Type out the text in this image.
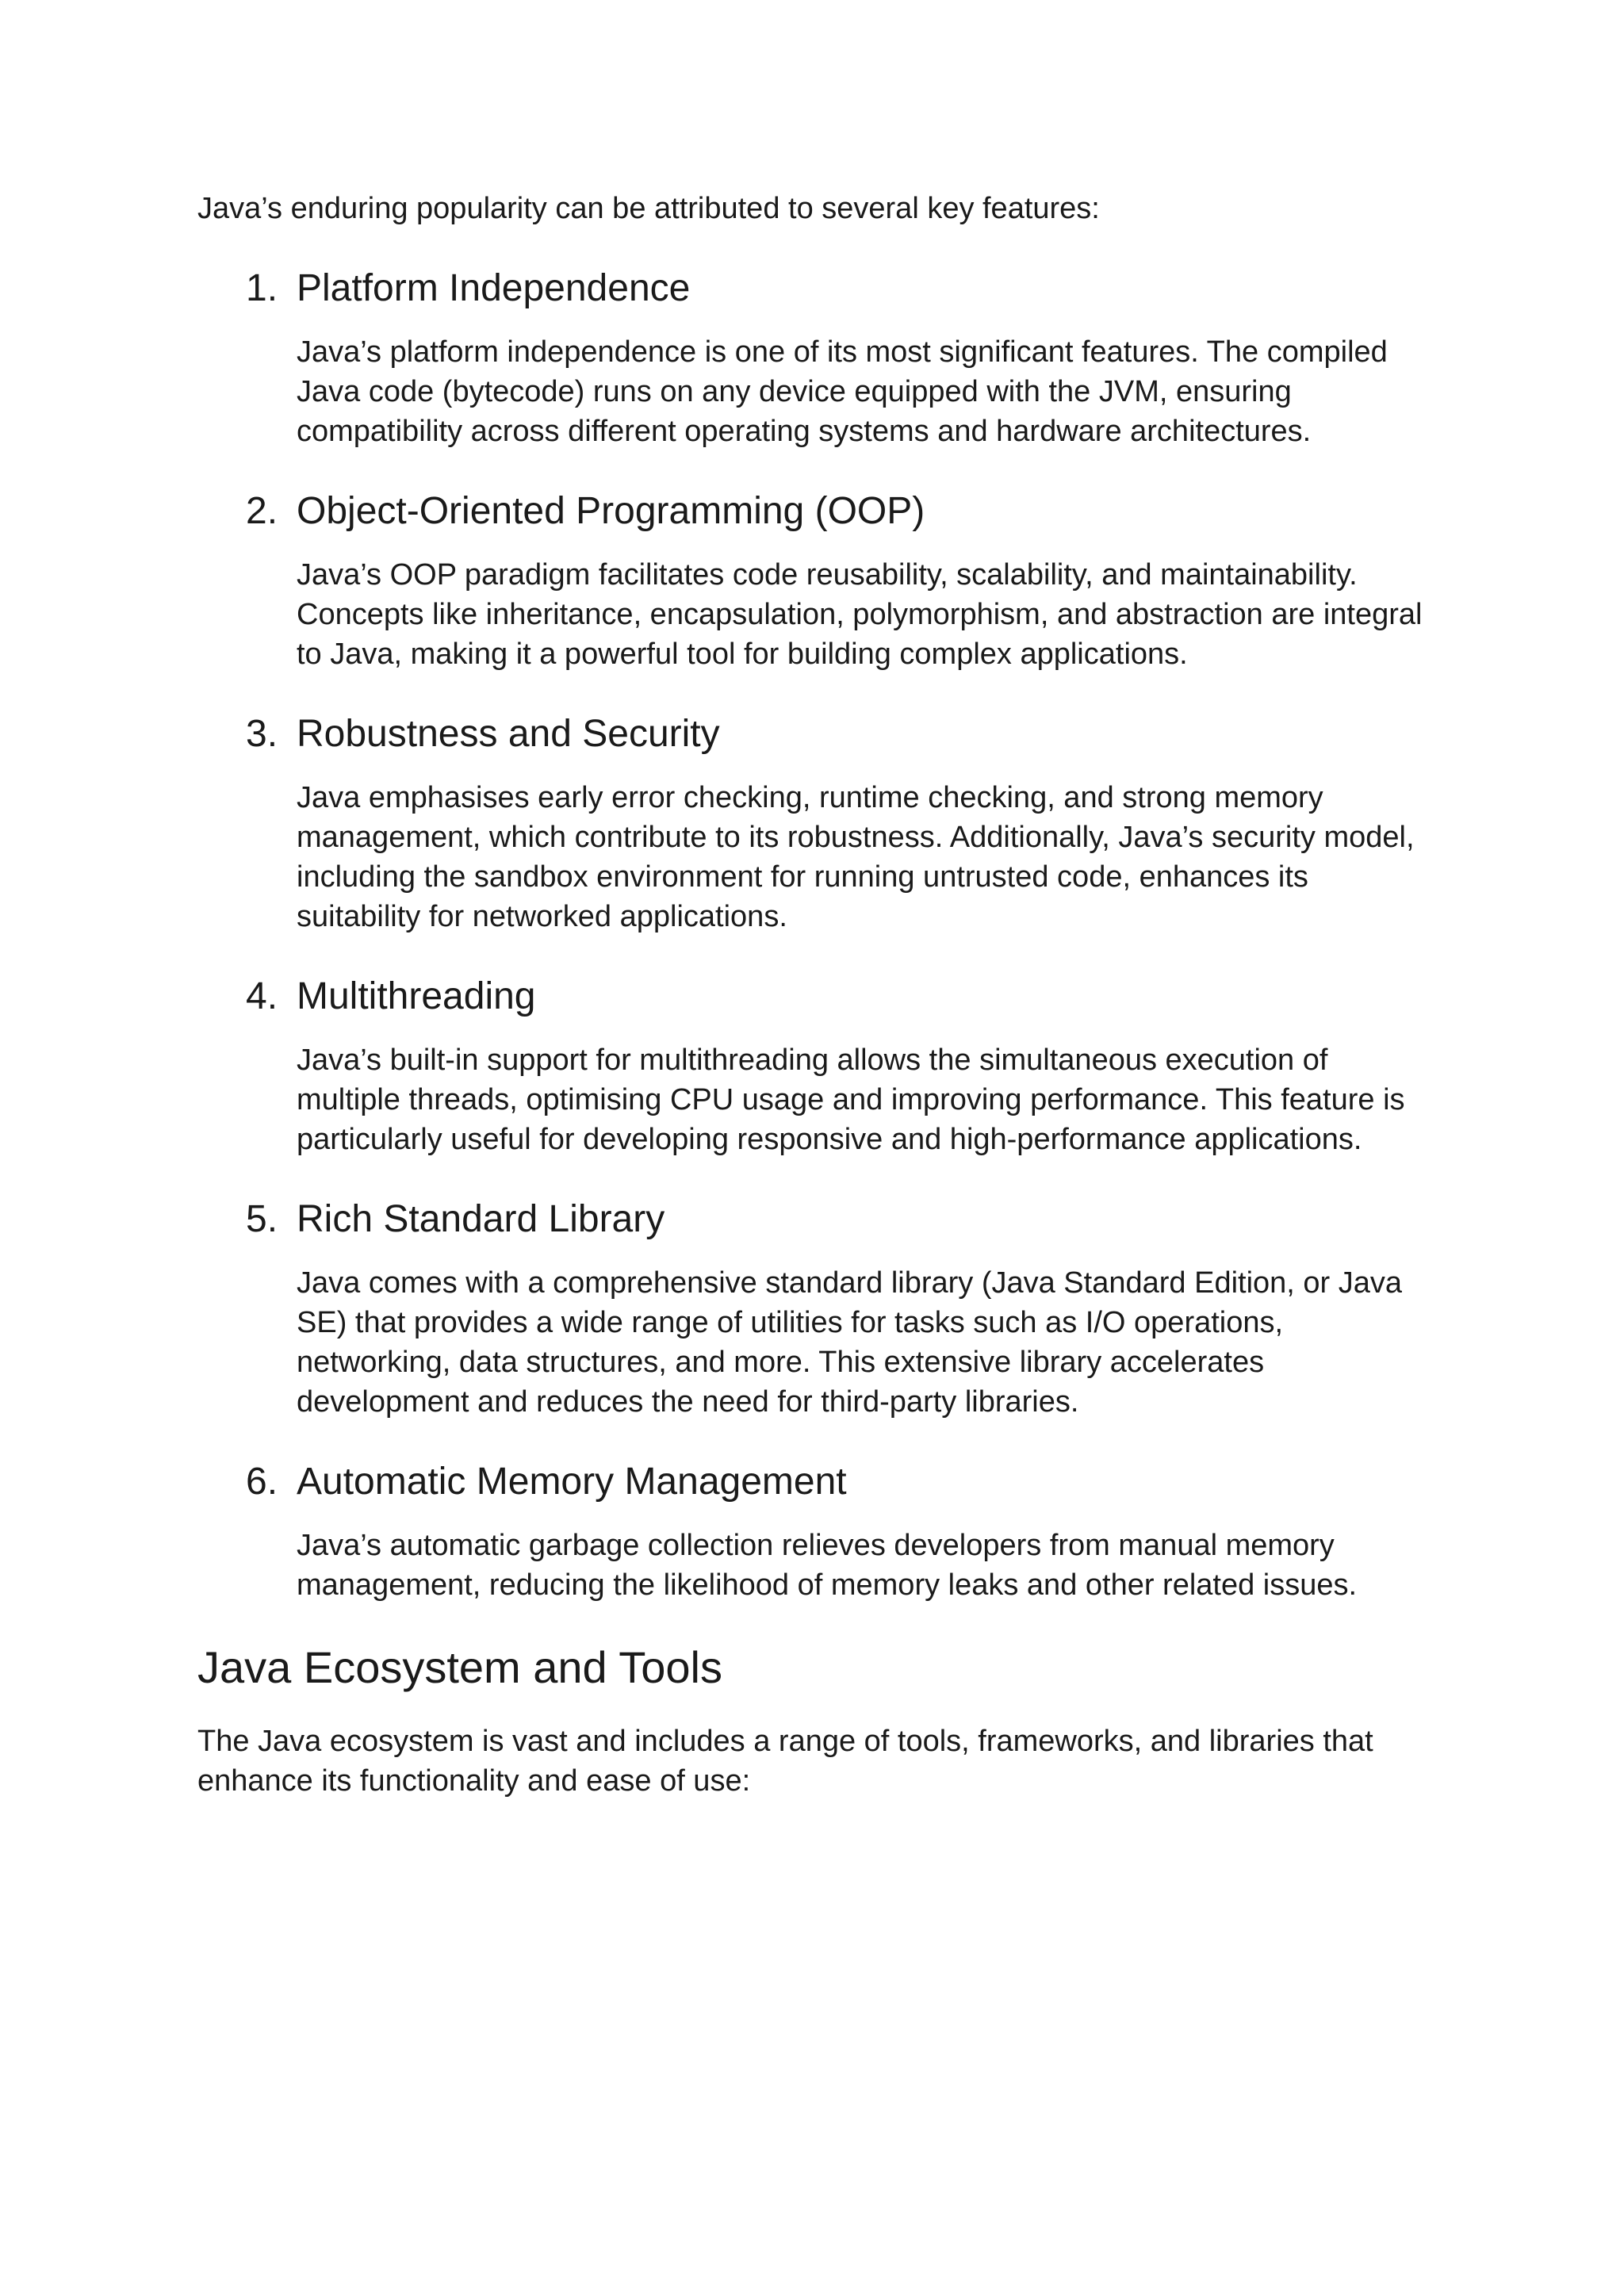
Java’s enduring popularity can be attributed to several key features:

1. Platform Independence

Java’s platform independence is one of its most significant features. The compiled Java code (bytecode) runs on any device equipped with the JVM, ensuring compatibility across different operating systems and hardware architectures.

2. Object-Oriented Programming (OOP)

Java’s OOP paradigm facilitates code reusability, scalability, and maintainability. Concepts like inheritance, encapsulation, polymorphism, and abstraction are integral to Java, making it a powerful tool for building complex applications.

3. Robustness and Security

Java emphasises early error checking, runtime checking, and strong memory management, which contribute to its robustness. Additionally, Java’s security model, including the sandbox environment for running untrusted code, enhances its suitability for networked applications.

4. Multithreading

Java’s built-in support for multithreading allows the simultaneous execution of multiple threads, optimising CPU usage and improving performance. This feature is particularly useful for developing responsive and high-performance applications.

5. Rich Standard Library

Java comes with a comprehensive standard library (Java Standard Edition, or Java SE) that provides a wide range of utilities for tasks such as I/O operations, networking, data structures, and more. This extensive library accelerates development and reduces the need for third-party libraries.

6. Automatic Memory Management

Java’s automatic garbage collection relieves developers from manual memory management, reducing the likelihood of memory leaks and other related issues.

Java Ecosystem and Tools

The Java ecosystem is vast and includes a range of tools, frameworks, and libraries that enhance its functionality and ease of use:
